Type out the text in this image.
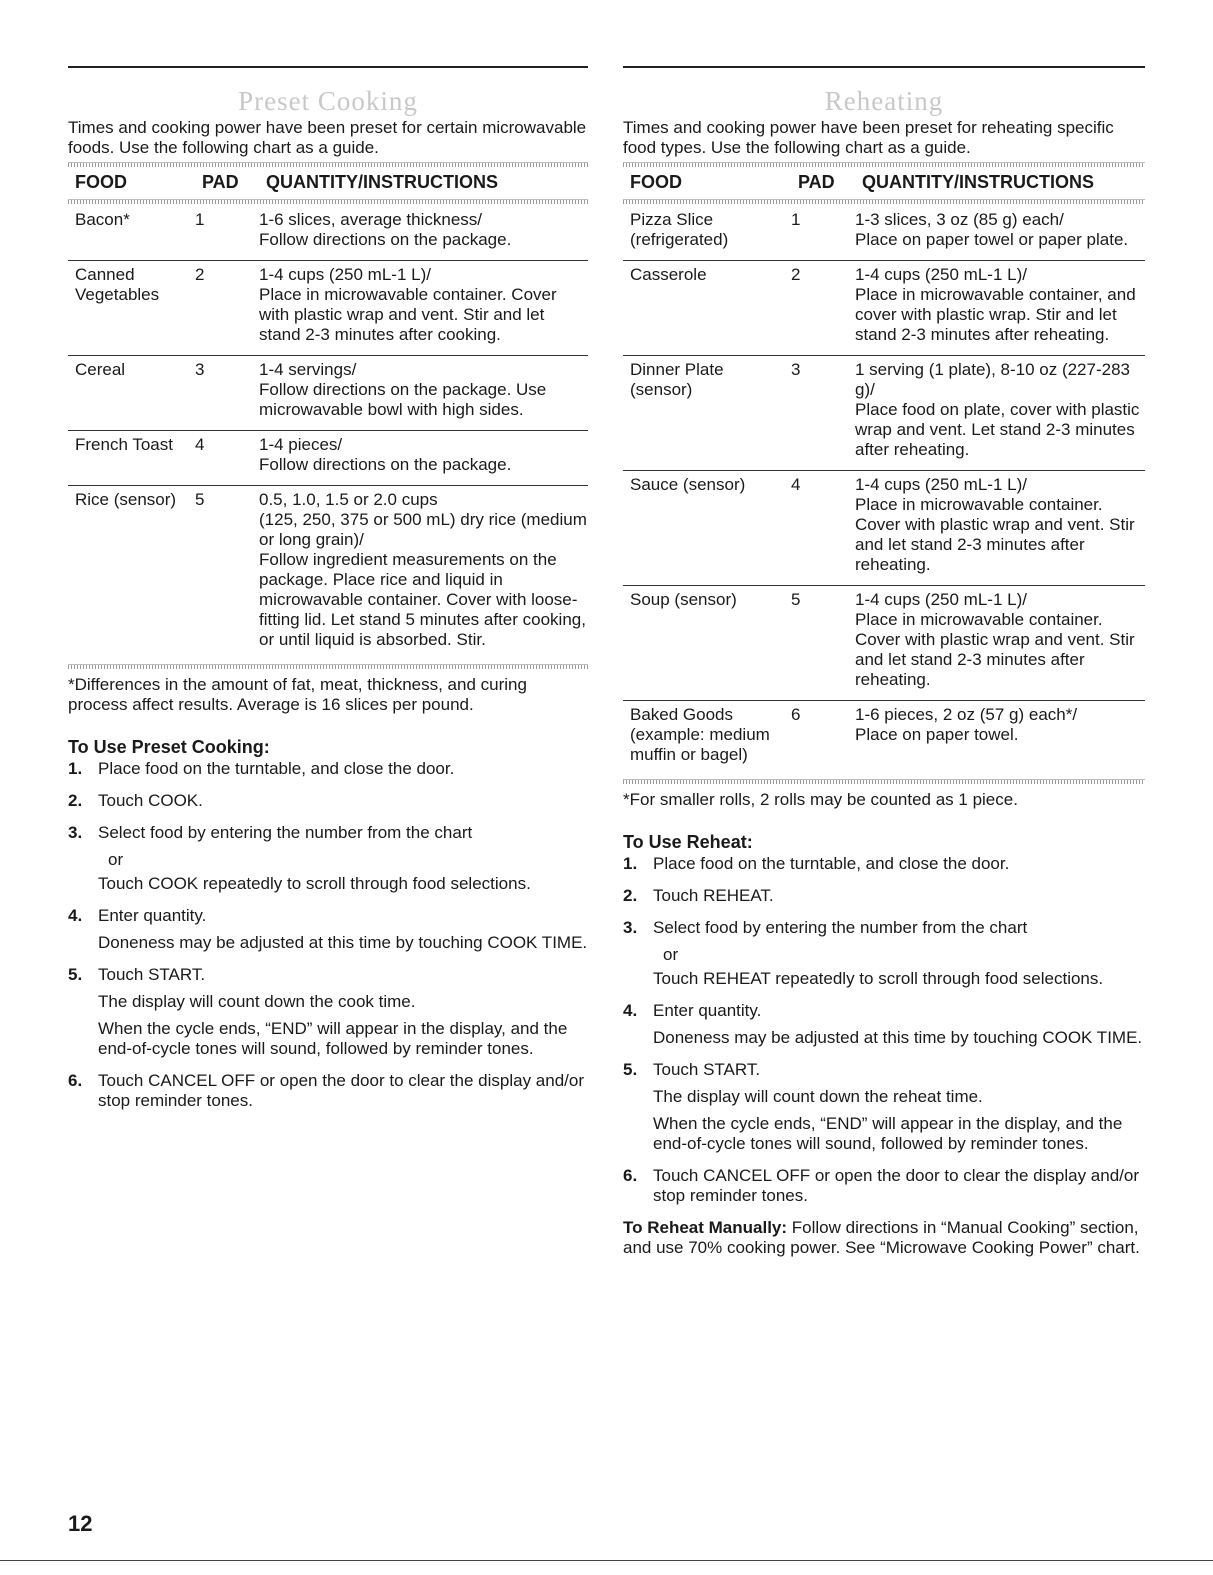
Preset Cooking

Times and cooking power have been preset for certain microwavable foods. Use the following chart as a guide.

FOOD	PAD	QUANTITY/INSTRUCTIONS
Bacon*	1	1-6 slices, average thickness/
Follow directions on the package.
Canned
Vegetables
2	1-4 cups (250 mL-1 L)/
Place in microwavable container. Cover with plastic wrap and vent. Stir and let stand 2-3 minutes after cooking.
Cereal	3	1-4 servings/
Follow directions on the package. Use microwavable bowl with high sides.
French Toast	4	1-4 pieces/
Follow directions on the package.
Rice (sensor)	5	0.5, 1.0, 1.5 or 2.0 cups
(125, 250, 375 or 500 mL) dry rice (medium or long grain)/
Follow ingredient measurements on the package. Place rice and liquid in microwavable container. Cover with loose-fitting lid. Let stand 5 minutes after cooking, or until liquid is absorbed. Stir.

*Differences in the amount of fat, meat, thickness, and curing process affect results. Average is 16 slices per pound.

To Use Preset Cooking:
1. Place food on the turntable, and close the door.

2. Touch COOK.

3. Select food by entering the number from the chart

or

Touch COOK repeatedly to scroll through food selections.

4. Enter quantity.

Doneness may be adjusted at this time by touching COOK TIME.

5. Touch START.

The display will count down the cook time.

When the cycle ends, “END” will appear in the display, and the end-of-cycle tones will sound, followed by reminder tones.

6. Touch CANCEL OFF or open the door to clear the display and/or stop reminder tones.

Reheating

Times and cooking power have been preset for reheating specific food types. Use the following chart as a guide.

FOOD	PAD	QUANTITY/INSTRUCTIONS
Pizza Slice
(refrigerated)
1	1-3 slices, 3 oz (85 g) each/
Place on paper towel or paper plate.
Casserole	2	1-4 cups (250 mL-1 L)/
Place in microwavable container, and cover with plastic wrap. Stir and let stand 2-3 minutes after reheating.
Dinner Plate
(sensor)
3	1 serving (1 plate), 8-10 oz (227-283 g)/
Place food on plate, cover with plastic wrap and vent. Let stand 2-3 minutes after reheating.
Sauce (sensor)	4	1-4 cups (250 mL-1 L)/
Place in microwavable container. Cover with plastic wrap and vent. Stir and let stand 2-3 minutes after reheating.
Soup (sensor)	5	1-4 cups (250 mL-1 L)/
Place in microwavable container. Cover with plastic wrap and vent. Stir and let stand 2-3 minutes after reheating.
Baked Goods
(example: medium
muffin or bagel)
6	1-6 pieces, 2 oz (57 g) each*/
Place on paper towel.

*For smaller rolls, 2 rolls may be counted as 1 piece.

To Use Reheat:
1. Place food on the turntable, and close the door.

2. Touch REHEAT.

3. Select food by entering the number from the chart

or

Touch REHEAT repeatedly to scroll through food selections.

4. Enter quantity.

Doneness may be adjusted at this time by touching COOK TIME.

5. Touch START.

The display will count down the reheat time.

When the cycle ends, “END” will appear in the display, and the end-of-cycle tones will sound, followed by reminder tones.

6. Touch CANCEL OFF or open the door to clear the display and/or stop reminder tones.

To Reheat Manually: Follow directions in “Manual Cooking” section, and use 70% cooking power. See “Microwave Cooking Power” chart.

12
